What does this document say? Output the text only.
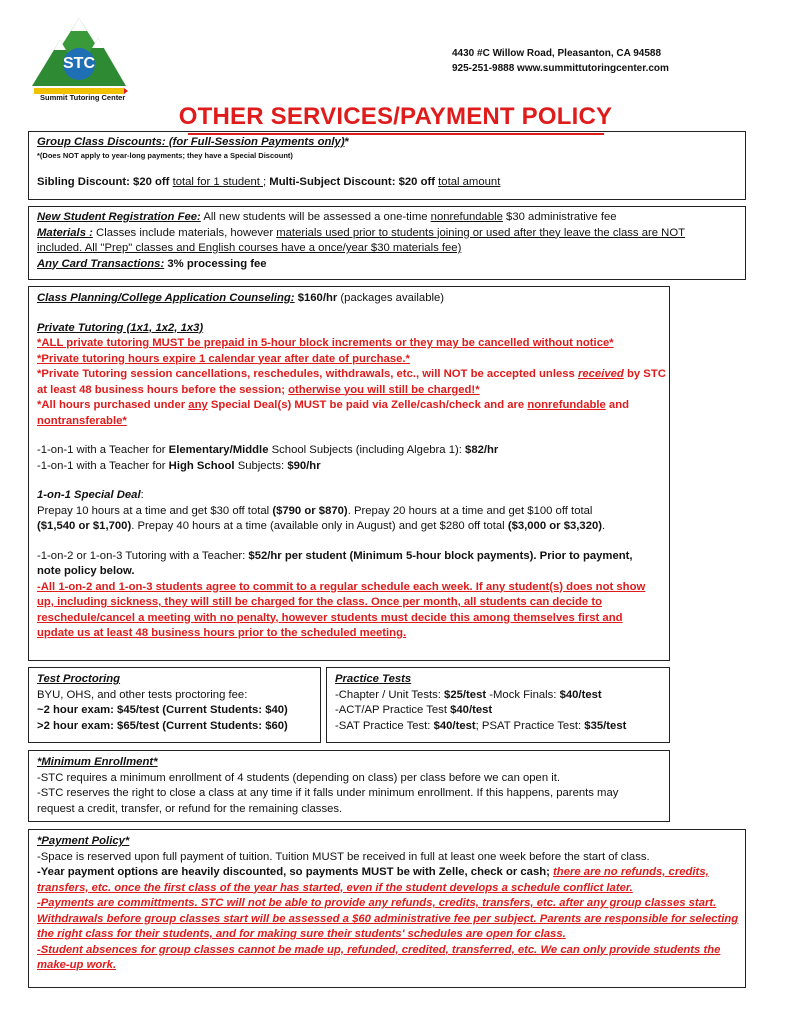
STC
Summit Tutoring Center
4430 #C Willow Road, Pleasanton, CA 94588
925-251-9888 www.summittutoringcenter.com
OTHER SERVICES/PAYMENT POLICY
Group Class Discounts: (for Full-Session Payments only)*
*(Does NOT apply to year-long payments; they have a Special Discount)
Sibling Discount: $20 off total for 1 student ; Multi-Subject Discount: $20 off total amount
New Student Registration Fee: All new students will be assessed a one-time nonrefundable $30 administrative fee
Materials : Classes include materials, however materials used prior to students joining or used after they leave the class are NOT
included. All "Prep" classes and English courses have a once/year $30 materials fee)
Any Card Transactions: 3% processing fee
Class Planning/College Application Counseling: $160/hr (packages available)
Private Tutoring (1x1, 1x2, 1x3)
*ALL private tutoring MUST be prepaid in 5-hour block increments or they may be cancelled without notice*
*Private tutoring hours expire 1 calendar year after date of purchase.*
*Private Tutoring session cancellations, reschedules, withdrawals, etc., will NOT be accepted unless received by STC
at least 48 business hours before the session; otherwise you will still be charged!*
*All hours purchased under any Special Deal(s) MUST be paid via Zelle/cash/check and are nonrefundable and
nontransferable*
-1-on-1 with a Teacher for Elementary/Middle School Subjects (including Algebra 1): $82/hr
-1-on-1 with a Teacher for High School Subjects: $90/hr
1-on-1 Special Deal:
Prepay 10 hours at a time and get $30 off total ($790 or $870). Prepay 20 hours at a time and get $100 off total
($1,540 or $1,700). Prepay 40 hours at a time (available only in August) and get $280 off total ($3,000 or $3,320).
-1-on-2 or 1-on-3 Tutoring with a Teacher: $52/hr per student (Minimum 5-hour block payments). Prior to payment,
note policy below.
-All 1-on-2 and 1-on-3 students agree to commit to a regular schedule each week. If any student(s) does not show
up, including sickness, they will still be charged for the class. Once per month, all students can decide to
reschedule/cancel a meeting with no penalty, however students must decide this among themselves first and
update us at least 48 business hours prior to the scheduled meeting.
Test Proctoring
BYU, OHS, and other tests proctoring fee:
~2 hour exam: $45/test (Current Students: $40)
>2 hour exam: $65/test (Current Students: $60)
Practice Tests
-Chapter / Unit Tests: $25/test -Mock Finals: $40/test
-ACT/AP Practice Test $40/test
-SAT Practice Test: $40/test; PSAT Practice Test: $35/test
*Minimum Enrollment*
-STC requires a minimum enrollment of 4 students (depending on class) per class before we can open it.
-STC reserves the right to close a class at any time if it falls under minimum enrollment. If this happens, parents may
request a credit, transfer, or refund for the remaining classes.
*Payment Policy*
-Space is reserved upon full payment of tuition. Tuition MUST be received in full at least one week before the start of class.
-Year payment options are heavily discounted, so payments MUST be with Zelle, check or cash; there are no refunds, credits,
transfers, etc. once the first class of the year has started, even if the student develops a schedule conflict later.
-Payments are committments. STC will not be able to provide any refunds, credits, transfers, etc. after any group classes start.
Withdrawals before group classes start will be assessed a $60 administrative fee per subject. Parents are responsible for selecting
the right class for their students, and for making sure their students' schedules are open for class.
-Student absences for group classes cannot be made up, refunded, credited, transferred, etc. We can only provide students the
make-up work.
